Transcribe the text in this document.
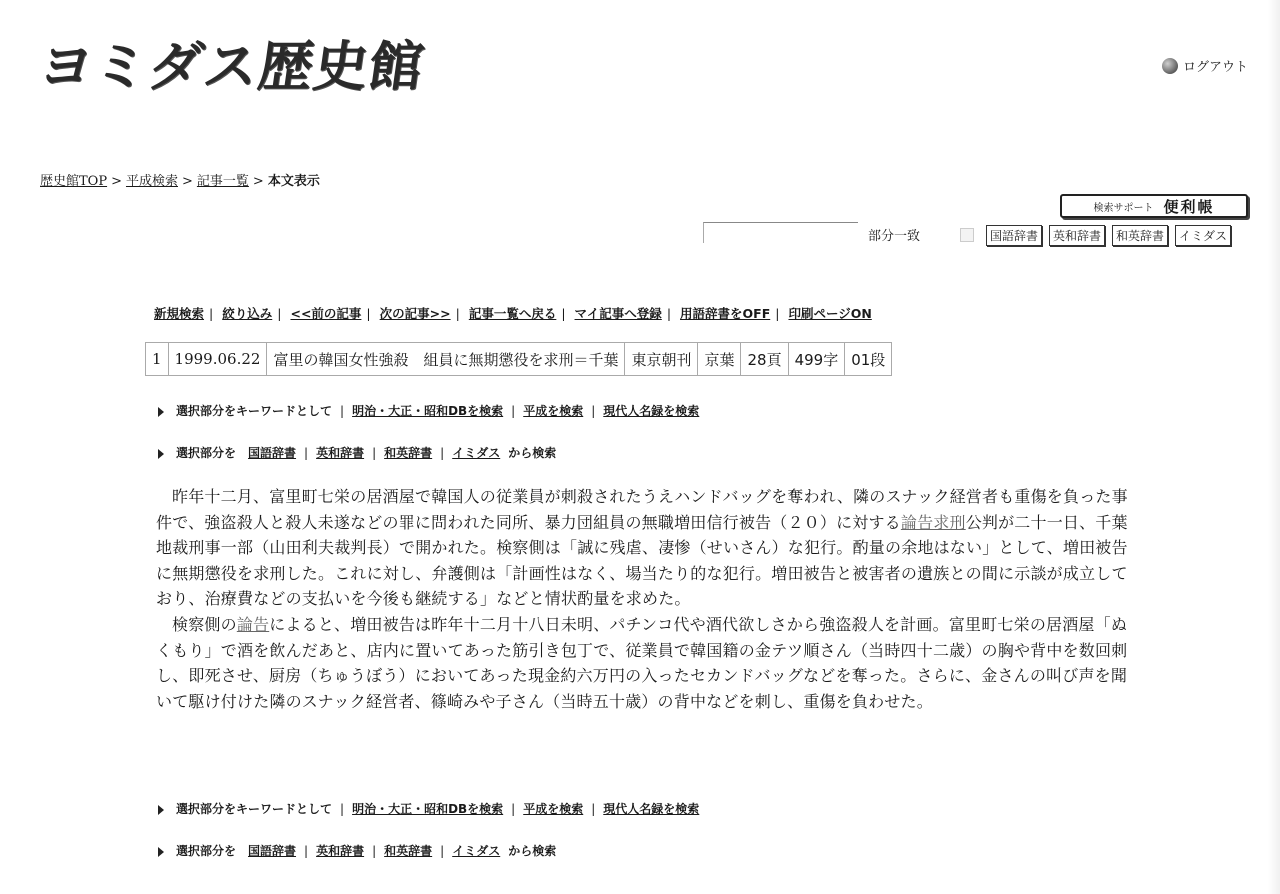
ヨミダス歴史館	ログアウト
歴史館TOP > 平成検索 > 記事一覧 > 本文表示
検索サポート 便利帳
部分一致	国語辞書	英和辞書	和英辞書	イミダス
新規検索 | 絞り込み | <<前の記事 | 次の記事>> | 記事一覧へ戻る | マイ記事へ登録 | 用語辞書をOFF | 印刷ページON
1	1999.06.22	富里の韓国女性強殺　組員に無期懲役を求刑＝千葉	東京朝刊	京葉	28頁	499字	01段
選択部分をキーワードとして | 明治・大正・昭和DBを検索 | 平成を検索 | 現代人名録を検索
選択部分を 国語辞書 | 英和辞書 | 和英辞書 | イミダス から検索

昨年十二月、富里町七栄の居酒屋で韓国人の従業員が刺殺されたうえハンドバッグを奪われ、隣のスナック経営者も重傷を負った事件で、強盗殺人と殺人未遂などの罪に問われた同所、暴力団組員の無職増田信行被告（２０）に対する論告求刑公判が二十一日、千葉地裁刑事一部（山田利夫裁判長）で開かれた。検察側は「誠に残虐、凄惨（せいさん）な犯行。酌量の余地はない」として、増田被告に無期懲役を求刑した。これに対し、弁護側は「計画性はなく、場当たり的な犯行。増田被告と被害者の遺族との間に示談が成立しており、治療費などの支払いを今後も継続する」などと情状酌量を求めた。

検察側の論告によると、増田被告は昨年十二月十八日未明、パチンコ代や酒代欲しさから強盗殺人を計画。富里町七栄の居酒屋「ぬくもり」で酒を飲んだあと、店内に置いてあった筋引き包丁で、従業員で韓国籍の金テツ順さん（当時四十二歳）の胸や背中を数回刺し、即死させ、厨房（ちゅうぼう）においてあった現金約六万円の入ったセカンドバッグなどを奪った。さらに、金さんの叫び声を聞いて駆け付けた隣のスナック経営者、篠崎みや子さん（当時五十歳）の背中などを刺し、重傷を負わせた。

選択部分をキーワードとして | 明治・大正・昭和DBを検索 | 平成を検索 | 現代人名録を検索
選択部分を 国語辞書 | 英和辞書 | 和英辞書 | イミダス から検索
